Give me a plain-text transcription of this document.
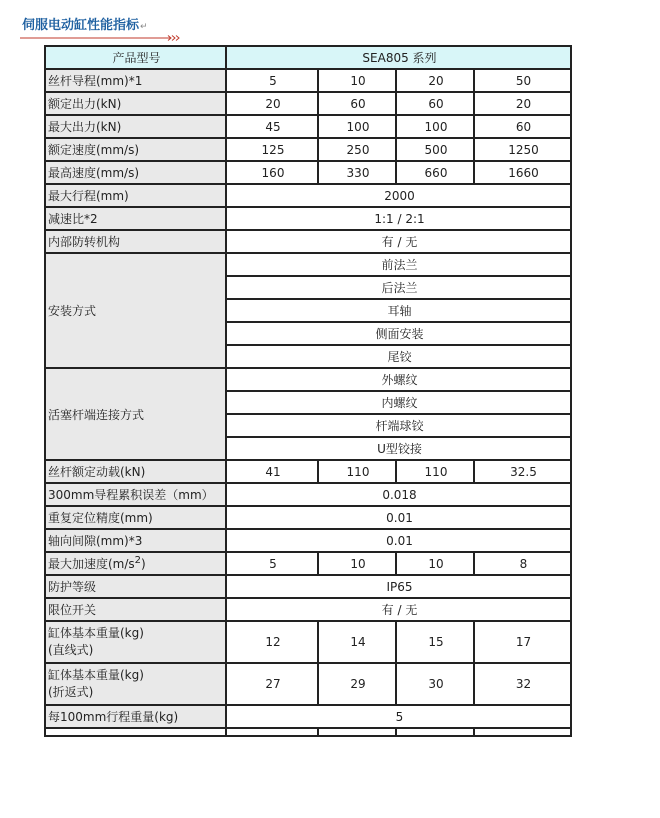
伺服电动缸性能指标↵
产品型号	SEA805 系列			
丝杆导程(mm)*1	5	10	20	50
额定出力(kN)	20	60	60	20
最大出力(kN)	45	100	100	60
额定速度(mm/s)	125	250	500	1250
最高速度(mm/s)	160	330	660	1660
最大行程(mm)	2000			
减速比*2	1:1 / 2:1			
内部防转机构	有 / 无			
安装方式	前法兰			
	后法兰			
	耳轴			
	侧面安装			
	尾铰			
活塞杆端连接方式	外螺纹			
	内螺纹			
	杆端球铰			
	U型铰接			
丝杆额定动载(kN)	41	110	110	32.5
300mm导程累积误差（mm）	0.018			
重复定位精度(mm)	0.01			
轴向间隙(mm)*3	0.01			
最大加速度$(m/s^2)$	5	10	10	8
防护等级	IP65			
限位开关	有 / 无			
缸体基本重量(kg)
(直线式)	12	14	15	17
缸体基本重量(kg)
(折返式)	27	29	30	32
每100mm行程重量(kg)	5			
